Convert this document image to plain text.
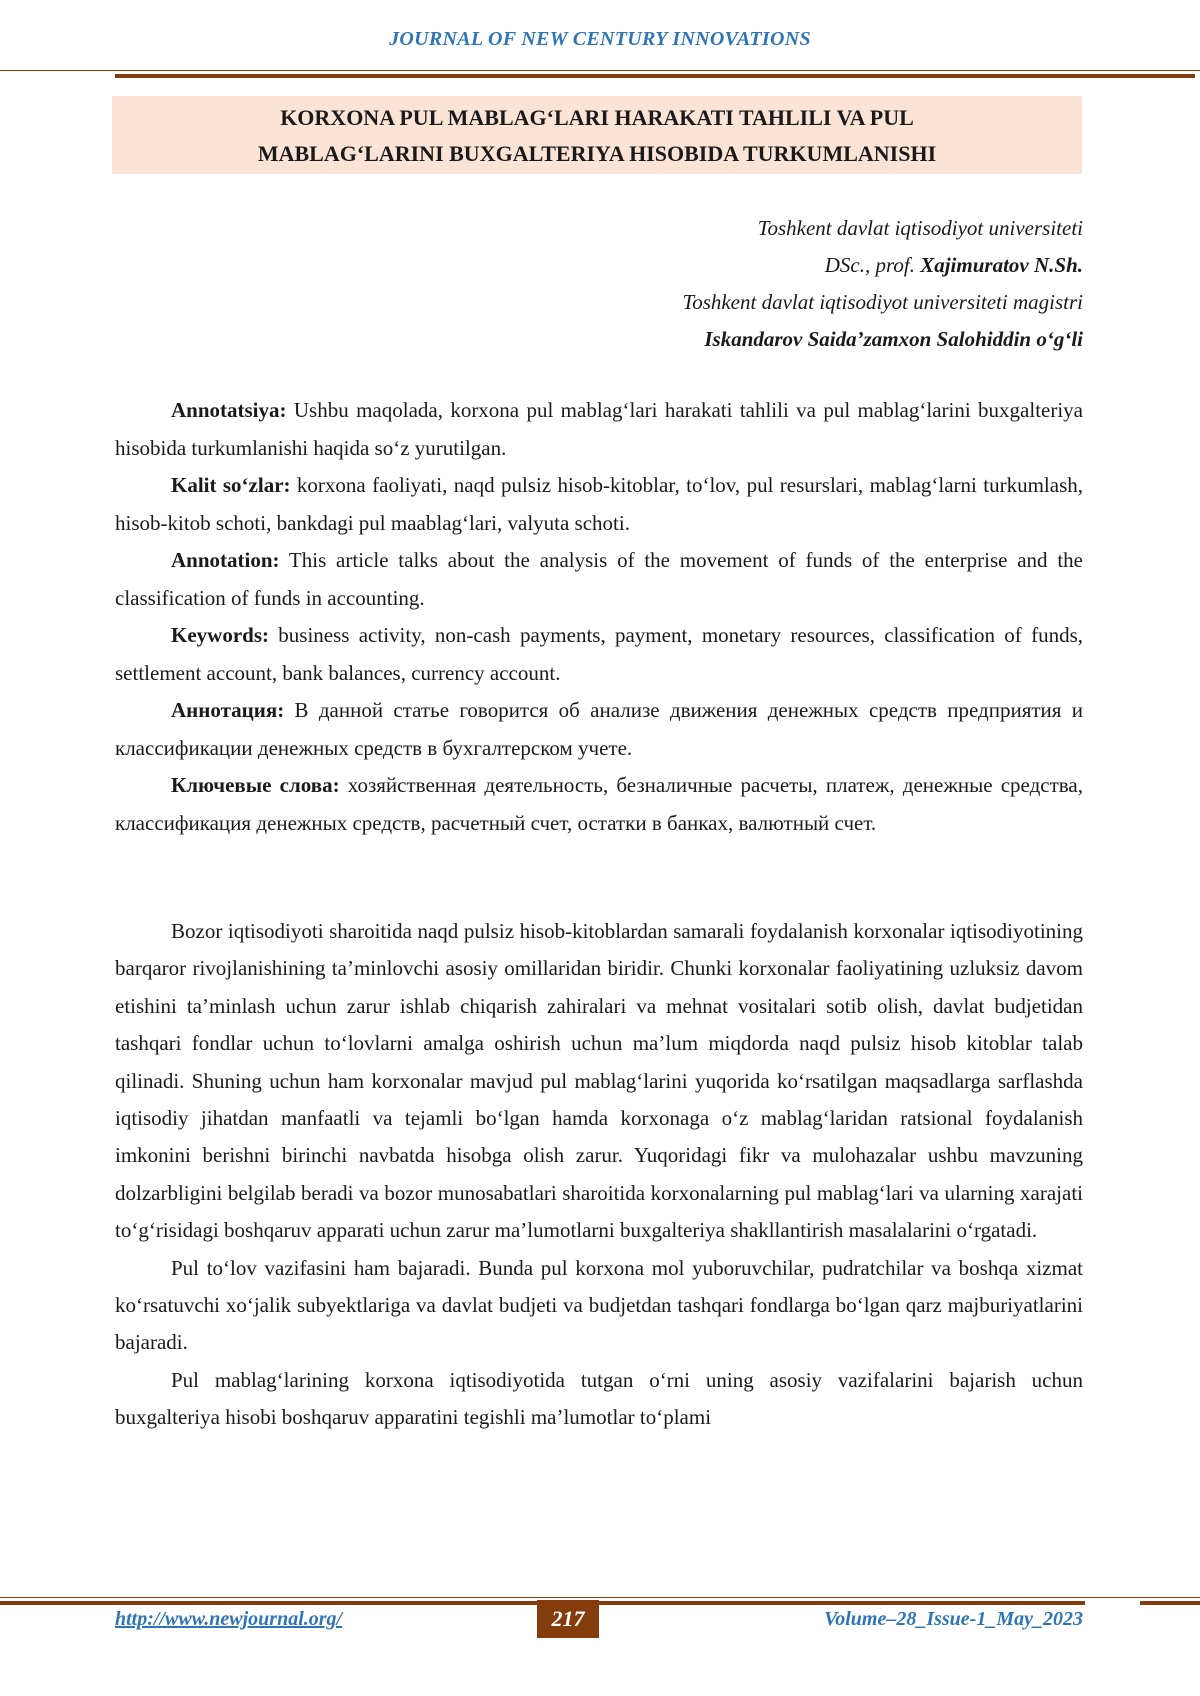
JOURNAL OF NEW CENTURY INNOVATIONS
KORXONA PUL MABLAG‘LARI HARAKATI TAHLILI VA PUL
MABLAG‘LARINI BUXGALTERIYA HISOBIDA TURKUMLANISHI
Toshkent davlat iqtisodiyot universiteti
DSc., prof. Xajimuratov N.Sh.
Toshkent davlat iqtisodiyot universiteti magistri
Iskandarov Saida’zamxon Salohiddin o‘g‘li

Annotatsiya: Ushbu maqolada, korxona pul mablag‘lari harakati tahlili va pul mablag‘larini buxgalteriya hisobida turkumlanishi haqida so‘z yurutilgan.

Kalit so‘zlar: korxona faoliyati, naqd pulsiz hisob-kitoblar, to‘lov, pul resurslari, mablag‘larni turkumlash, hisob-kitob schoti, bankdagi pul maablag‘lari, valyuta schoti.

Annotation: This article talks about the analysis of the movement of funds of the enterprise and the classification of funds in accounting.

Keywords: business activity, non-cash payments, payment, monetary resources, classification of funds, settlement account, bank balances, currency account.

Аннотация: В данной статье говорится об анализе движения денежных средств предприятия и классификации денежных средств в бухгалтерском учете.

Ключевые слова: хозяйственная деятельность, безналичные расчеты, платеж, денежные средства, классификация денежных средств, расчетный счет, остатки в банках, валютный счет.

Bozor iqtisodiyoti sharoitida naqd pulsiz hisob-kitoblardan samarali foydalanish korxonalar iqtisodiyotining barqaror rivojlanishining ta’minlovchi asosiy omillaridan biridir. Chunki korxonalar faoliyatining uzluksiz davom etishini ta’minlash uchun zarur ishlab chiqarish zahiralari va mehnat vositalari sotib olish, davlat budjetidan tashqari fondlar uchun to‘lovlarni amalga oshirish uchun ma’lum miqdorda naqd pulsiz hisob kitoblar talab qilinadi. Shuning uchun ham korxonalar mavjud pul mablag‘larini yuqorida ko‘rsatilgan maqsadlarga sarflashda iqtisodiy jihatdan manfaatli va tejamli bo‘lgan hamda korxonaga o‘z mablag‘laridan ratsional foydalanish imkonini berishni birinchi navbatda hisobga olish zarur. Yuqoridagi fikr va mulohazalar ushbu mavzuning dolzarbligini belgilab beradi va bozor munosabatlari sharoitida korxonalarning pul mablag‘lari va ularning xarajati to‘g‘risidagi boshqaruv apparati uchun zarur ma’lumotlarni buxgalteriya shakllantirish masalalarini o‘rgatadi.

Pul to‘lov vazifasini ham bajaradi. Bunda pul korxona mol yuboruvchilar, pudratchilar va boshqa xizmat ko‘rsatuvchi xo‘jalik subyektlariga va davlat budjeti va budjetdan tashqari fondlarga bo‘lgan qarz majburiyatlarini bajaradi.

Pul mablag‘larining korxona iqtisodiyotida tutgan o‘rni uning asosiy vazifalarini bajarish uchun buxgalteriya hisobi boshqaruv apparatini tegishli ma’lumotlar to‘plami

http://www.newjournal.org/	217	Volume–28_Issue-1_May_2023
